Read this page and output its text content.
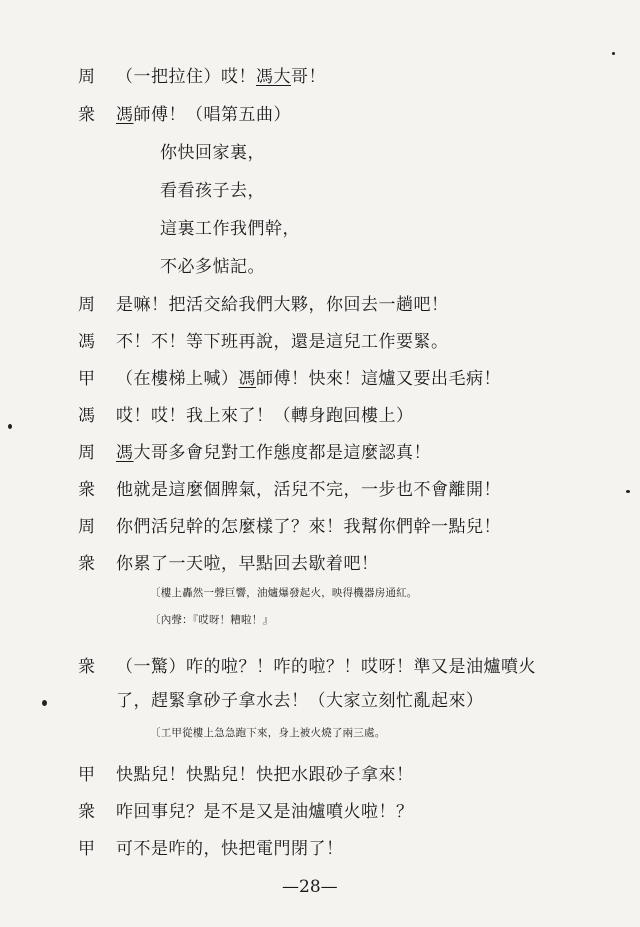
周	（一把拉住）哎！馮大哥！
衆	馮師傅！（唱第五曲）
你快回家裏，
看看孩子去，
這裏工作我們幹，
不必多惦記。
周	是嘛！把活交給我們大夥，你回去一趟吧！
馮	不！不！等下班再說，還是這兒工作要緊。
甲	（在樓梯上喊）馮師傅！快來！這爐又要出毛病！
馮	哎！哎！我上來了！（轉身跑回樓上）
周	馮大哥多會兒對工作態度都是這麼認真！
衆	他就是這麼個脾氣，活兒不完，一步也不會離開！
周	你們活兒幹的怎麼樣了？來！我幫你們幹一點兒！
衆	你累了一天啦，早點回去歇着吧！
〔樓上轟然一聲巨響，油爐爆發起火，映得機器房通紅。
〔內聲：『哎呀！糟啦！』
衆	（一驚）咋的啦？！咋的啦？！哎呀！準又是油爐噴火
了，趕緊拿砂子拿水去！（大家立刻忙亂起來）
〔工甲從樓上急急跑下來，身上被火燒了兩三處。
甲	快點兒！快點兒！快把水跟砂子拿來！
衆	咋回事兒？是不是又是油爐噴火啦！？
甲	可不是咋的，快把電門閉了！
—28—
